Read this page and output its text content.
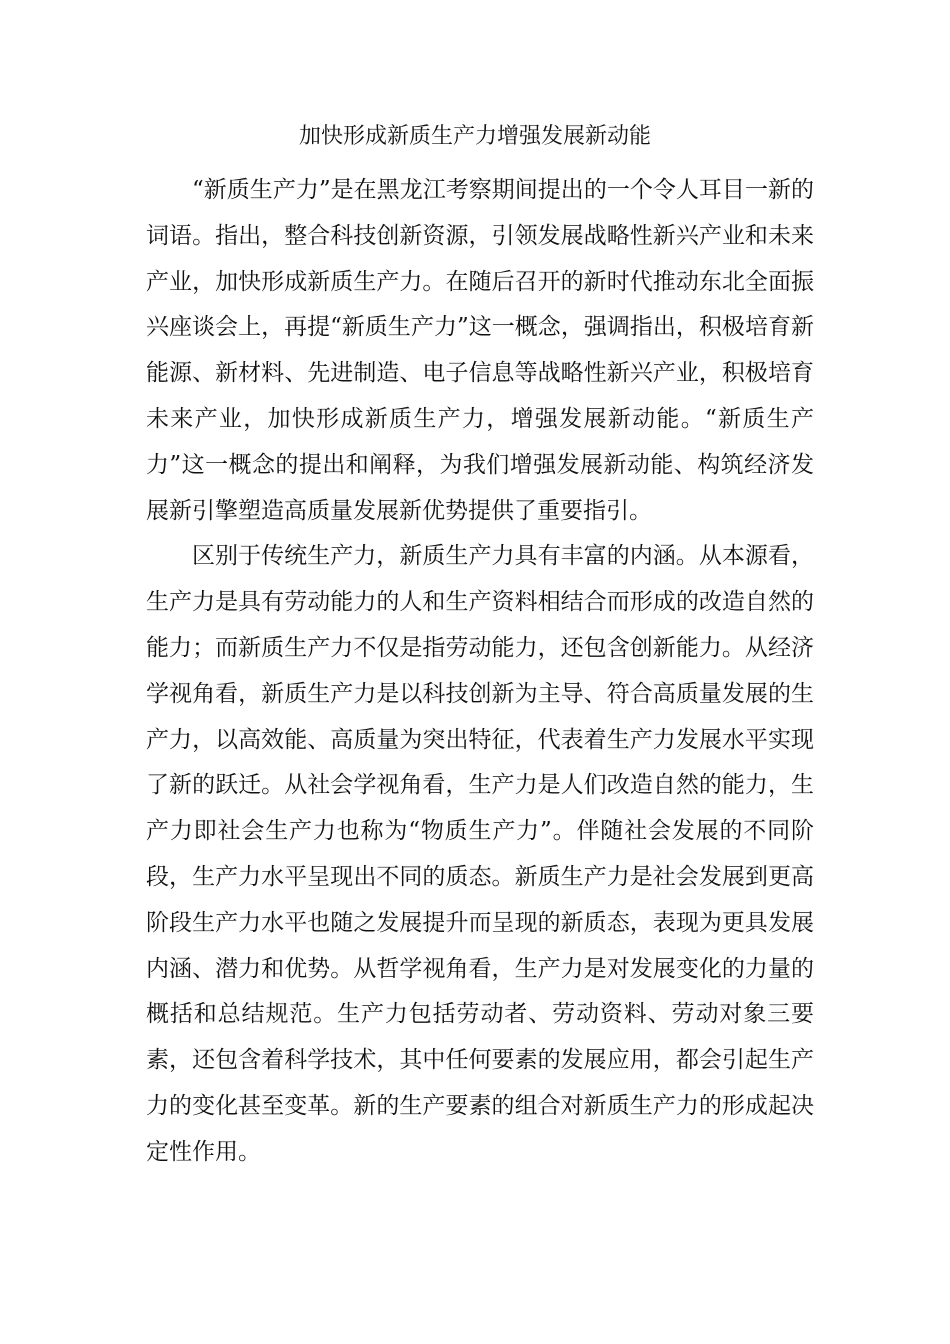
加快形成新质生产力增强发展新动能

“新质生产力”是在黑龙江考察期间提出的一个令人耳目一新的词语。指出，整合科技创新资源，引领发展战略性新兴产业和未来产业，加快形成新质生产力。在随后召开的新时代推动东北全面振兴座谈会上，再提“新质生产力”这一概念，强调指出，积极培育新能源、新材料、先进制造、电子信息等战略性新兴产业，积极培育未来产业，加快形成新质生产力，增强发展新动能。“新质生产力”这一概念的提出和阐释，为我们增强发展新动能、构筑经济发展新引擎塑造高质量发展新优势提供了重要指引。

区别于传统生产力，新质生产力具有丰富的内涵。从本源看，生产力是具有劳动能力的人和生产资料相结合而形成的改造自然的能力；而新质生产力不仅是指劳动能力，还包含创新能力。从经济学视角看，新质生产力是以科技创新为主导、符合高质量发展的生产力，以高效能、高质量为突出特征，代表着生产力发展水平实现了新的跃迁。从社会学视角看，生产力是人们改造自然的能力，生产力即社会生产力也称为“物质生产力”。伴随社会发展的不同阶段，生产力水平呈现出不同的质态。新质生产力是社会发展到更高阶段生产力水平也随之发展提升而呈现的新质态，表现为更具发展内涵、潜力和优势。从哲学视角看，生产力是对发展变化的力量的概括和总结规范。生产力包括劳动者、劳动资料、劳动对象三要素，还包含着科学技术，其中任何要素的发展应用，都会引起生产力的变化甚至变革。新的生产要素的组合对新质生产力的形成起决定性作用。
